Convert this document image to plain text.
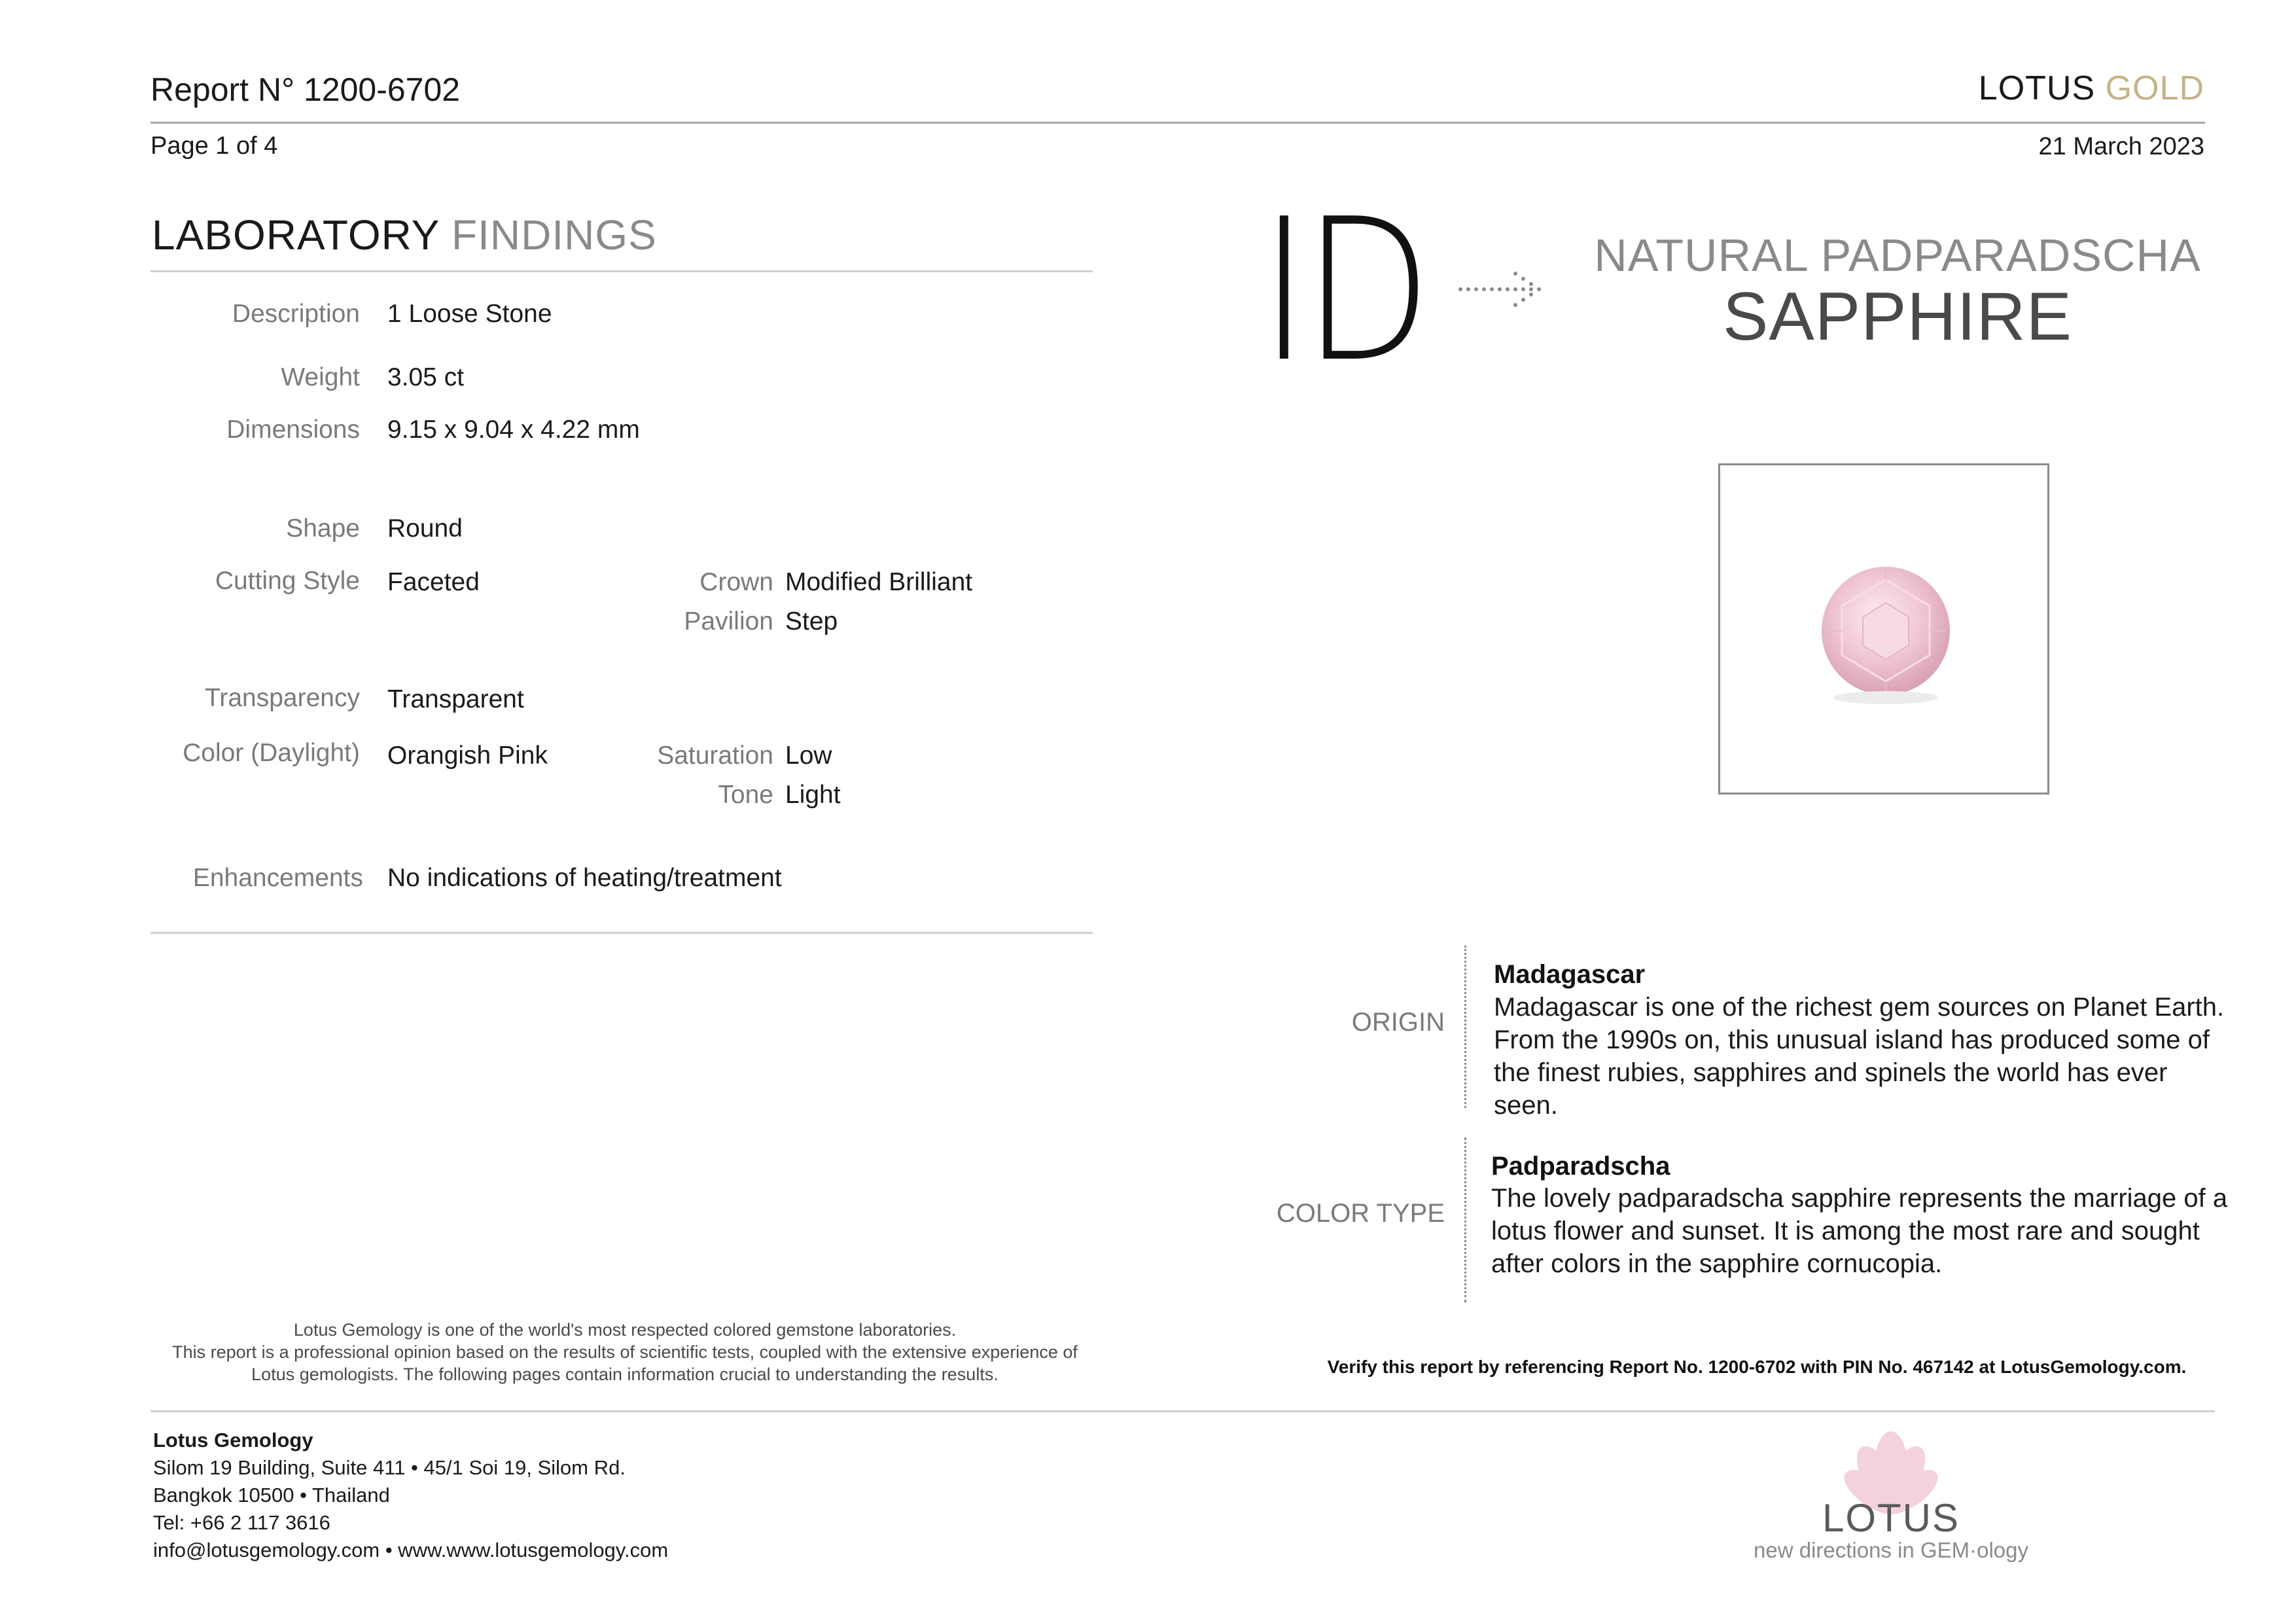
Report N° 1200-6702	LOTUS GOLD
Page 1 of 4	21 March 2023
LABORATORY FINDINGS
Description 1 Loose Stone
Weight 3.05 ct
Dimensions 9.15 x 9.04 x 4.22 mm
Shape Round
Cutting Style Faceted	Crown Modified Brilliant
Pavilion Step
Transparency Transparent
Color (Daylight) Orangish Pink	Saturation Low
Tone Light
Enhancements No indications of heating/treatment
ID	NATURAL PADPARADSCHA
SAPPHIRE
ORIGIN
Madagascar
Madagascar is one of the richest gem sources on Planet Earth. From the 1990s on, this unusual island has produced some of the finest rubies, sapphires and spinels the world has ever seen.
COLOR TYPE
Padparadscha
The lovely padparadscha sapphire represents the marriage of a lotus flower and sunset. It is among the most rare and sought after colors in the sapphire cornucopia.
Lotus Gemology is one of the world's most respected colored gemstone laboratories.
This report is a professional opinion based on the results of scientific tests, coupled with the extensive experience of
Lotus gemologists. The following pages contain information crucial to understanding the results.	Verify this report by referencing Report No. 1200-6702 with PIN No. 467142 at LotusGemology.com.
Lotus Gemology
Silom 19 Building, Suite 411 • 45/1 Soi 19, Silom Rd.
Bangkok 10500 • Thailand
Tel: +66 2 117 3616
info@lotusgemology.com • www.www.lotusgemology.com
LOTUS
new directions in GEM·ology
